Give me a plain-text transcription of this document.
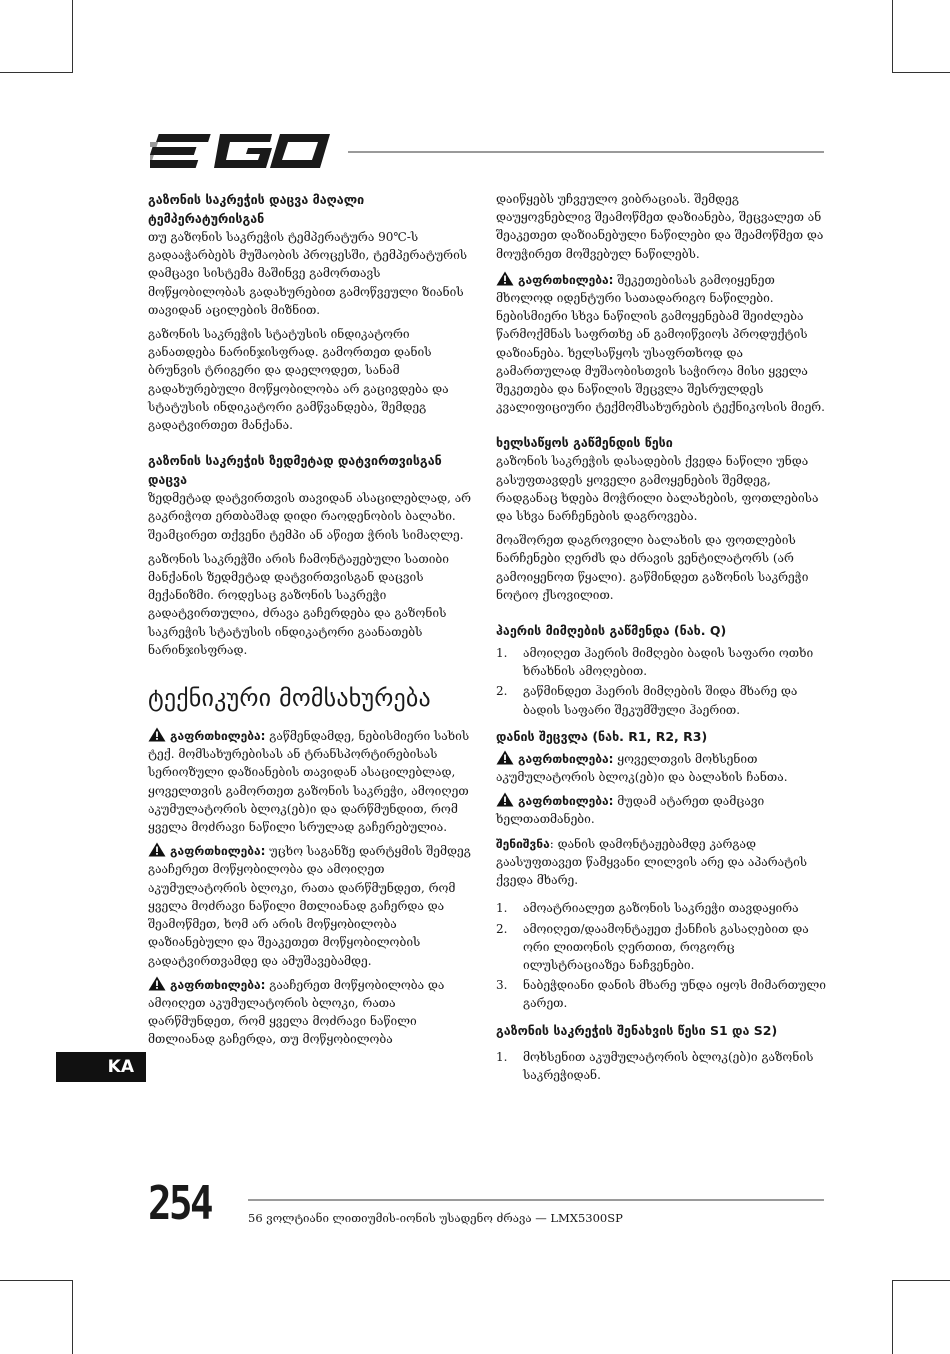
გაზონის საკრეჭის დაცვა მაღალი ტემპერატურისგან

თუ გაზონის საკრეჭის ტემპერატურა 90℃-ს გადააჭარბებს მუშაობის პროცესში, ტემპერატურის დამცავი სისტემა მაშინვე გამორთავს მოწყობილობას გადახურებით გამოწვეული ზიანის თავიდან აცილების მიზნით.

გაზონის საკრეჭის სტატუსის ინდიკატორი განათდება ნარინჯისფრად. გამორთეთ დანის ბრუნვის ტრიგერი და დაელოდეთ, სანამ გადახურებული მოწყობილობა არ გაცივდება და სტატუსის ინდიკატორი გამწვანდება, შემდეგ გადატვირთეთ მანქანა.

გაზონის საკრეჭის ზედმეტად დატვირთვისგან დაცვა

ზედმეტად დატვირთვის თავიდან ასაცილებლად, არ გაკრიჭოთ ერთბაშად დიდი რაოდენობის ბალახი. შეამცირეთ თქვენი ტემპი ან აწიეთ ჭრის სიმაღლე.

გაზონის საკრეჭში არის ჩამონტაჟებული სათიბი მანქანის ზედმეტად დატვირთვისგან დაცვის მექანიზმი. როდესაც გაზონის საკრეჭი გადატვირთულია, ძრავა გაჩერდება და გაზონის საკრეჭის სტატუსის ინდიკატორი გაანათებს ნარინჯისფრად.

ტექნიკური მომსახურება

გაფრთხილება: გაწმენდამდე, ნებისმიერი სახის ტექ. მომსახურებისას ან ტრანსპორტირებისას სერიოზული დაზიანების თავიდან ასაცილებლად, ყოველთვის გამორთეთ გაზონის საკრეჭი, ამოიღეთ აკუმულატორის ბლოკ(ებ)ი და დარწმუნდით, რომ ყველა მოძრავი ნაწილი სრულად გაჩერებულია.

გაფრთხილება: უცხო საგანზე დარტყმის შემდეგ გააჩერეთ მოწყობილობა და ამოიღეთ აკუმულატორის ბლოკი, რათა დარწმუნდეთ, რომ ყველა მოძრავი ნაწილი მთლიანად გაჩერდა და შეამოწმეთ, ხომ არ არის მოწყობილობა დაზიანებული და შეაკეთეთ მოწყობილობის გადატვირთვამდე და ამუშავებამდე.

გაფრთხილება: გააჩერეთ მოწყობილობა და ამოიღეთ აკუმულატორის ბლოკი, რათა დარწმუნდეთ, რომ ყველა მოძრავი ნაწილი მთლიანად გაჩერდა, თუ მოწყობილობა

დაიწყებს უჩვეულო ვიბრაციას. შემდეგ დაუყოვნებლივ შეამოწმეთ დაზიანება, შეცვალეთ ან შეაკეთეთ დაზიანებული ნაწილები და შეამოწმეთ და მოუჭირეთ მოშვებულ ნაწილებს.

გაფრთხილება: შეკეთებისას გამოიყენეთ მხოლოდ იდენტური სათადარიგო ნაწილები. ნებისმიერი სხვა ნაწილის გამოყენებამ შეიძლება წარმოქმნას საფრთხე ან გამოიწვიოს პროდუქტის დაზიანება. ხელსაწყოს უსაფრთხოდ და გამართულად მუშაობისთვის საჭიროა მისი ყველა შეკეთება და ნაწილის შეცვლა შესრულდეს კვალიფიციური ტექმომსახურების ტექნიკოსის მიერ.

ხელსაწყოს გაწმენდის წესი

გაზონის საკრეჭის დასადების ქვედა ნაწილი უნდა გასუფთავდეს ყოველი გამოყენების შემდეგ, რადგანაც ხდება მოჭრილი ბალახების, ფოთლებისა და სხვა ნარჩენების დაგროვება.

მოაშორეთ დაგროვილი ბალახის და ფოთლების ნარჩენები ღერძს და ძრავის ვენტილატორს (არ გამოიყენოთ წყალი). გაწმინდეთ გაზონის საკრეჭი ნოტიო ქსოვილით.

ჰაერის მიმღების გაწმენდა (ნახ. Q)
1. ამოიღეთ ჰაერის მიმღები ბადის საფარი ოთხი ხრახნის ამოღებით.
2. გაწმინდეთ ჰაერის მიმღების შიდა მხარე და ბადის საფარი შეკუმშული ჰაერით.
დანის შეცვლა (ნახ. R1, R2, R3)

გაფრთხილება: ყოველთვის მოხსენით აკუმულატორის ბლოკ(ებ)ი და ბალახის ჩანთა.

გაფრთხილება: მუდამ ატარეთ დამცავი ხელთათმანები.

შენიშვნა: დანის დამონტაჟებამდე კარგად გაასუფთავეთ წამყვანი ლილვის არე და აპარატის ქვედა მხარე.

1. ამოატრიალეთ გაზონის საკრეჭი თავდაყირა
2. ამოიღეთ/დაამონტაჟეთ ქანჩის გასაღებით და ორი ლითონის ღერთით, როგორც ილუსტრაციაზეა ნაჩვენები.
3. ნაბეჭდიანი დანის მხარე უნდა იყოს მიმართული გარეთ.
გაზონის საკრეჭის შენახვის წესი S1 და S2)
1. მოხსენით აკუმულატორის ბლოკ(ებ)ი გაზონის საკრეჭიდან.
KA
254	56 ვოლტიანი ლითიუმის-იონის უსადენო ძრავა — LMX5300SP
